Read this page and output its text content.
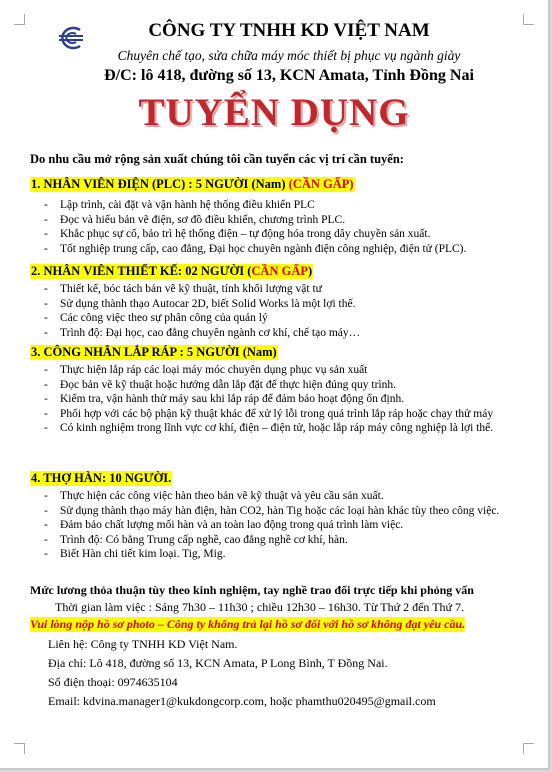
CÔNG TY TNHH KD VIỆT NAM
Chuyên chế tạo, sửa chữa máy móc thiết bị phục vụ ngành giày
Đ/C: lô 418, đường số 13, KCN Amata, Tỉnh Đồng Nai
TUYỂN DỤNG
Do nhu cầu mở rộng sản xuất chúng tôi cần tuyển các vị trí cần tuyển:
1. NHÂN VIÊN ĐIỆN (PLC) : 5 NGƯỜI (Nam) (CẦN GẤP)
- Lập trình, cài đặt và vận hành hệ thống điều khiển PLC
- Đọc và hiểu bản vẽ điện, sơ đồ điều khiển, chương trình PLC.
- Khắc phục sự cố, bảo trì hệ thống điện – tự động hóa trong dây chuyền sản xuất.
- Tốt nghiệp trung cấp, cao đẳng, Đại học chuyên ngành điện công nghiệp, điện tử (PLC).
2. NHÂN VIÊN THIẾT KẾ: 02 NGƯỜI (CẦN GẤP)
- Thiết kế, bóc tách bản vẽ kỹ thuật, tính khối lượng vật tư
- Sử dụng thành thạo Autocar 2D, biết Solid Works là một lợi thế.
- Các công việc theo sự phân công của quản lý
- Trình độ: Đại học, cao đẳng chuyên ngành cơ khí, chế tạo máy…
3. CÔNG NHÂN LẮP RÁP : 5 NGƯỜI (Nam)
- Thực hiện lắp ráp các loại máy móc chuyên dụng phục vụ sản xuất
- Đọc bản vẽ kỹ thuật hoặc hướng dẫn lắp đặt để thực hiện đúng quy trình.
- Kiểm tra, vận hành thử máy sau khi lắp ráp để đảm bảo hoạt động ổn định.
- Phối hợp với các bộ phận kỹ thuật khác để xử lý lỗi trong quá trình lắp ráp hoặc chạy thử máy
- Có kinh nghiệm trong lĩnh vực cơ khí, điện – điện tử, hoặc lắp ráp máy công nghiệp là lợi thế.
4. THỢ HÀN: 10 NGƯỜI.
- Thực hiện các công việc hàn theo bản vẽ kỹ thuật và yêu cầu sản xuất.
- Sử dụng thành thạo máy hàn điện, hàn CO2, hàn Tig hoặc các loại hàn khác tùy theo công việc.
- Đảm bảo chất lượng mối hàn và an toàn lao động trong quá trình làm việc.
- Trình độ: Có bằng Trung cấp nghề, cao đẳng nghề cơ khí, hàn.
- Biết Hàn chi tiết kim loại. Tig, Mig.
Mức lương thỏa thuận tùy theo kinh nghiệm, tay nghề trao đổi trực tiếp khi phỏng vấn
Thời gian làm việc : Sáng 7h30 – 11h30 ; chiều 12h30 – 16h30. Từ Thứ 2 đến Thứ 7.
Vui lòng nộp hồ sơ photo – Công ty không trả lại hồ sơ đối với hồ sơ không đạt yêu cầu.
Liên hệ: Công ty TNHH KD Việt Nam.
Địa chỉ: Lô 418, đường số 13, KCN Amata, P Long Bình, T Đồng Nai.
Số điện thoại: 0974635104
Email: kdvina.manager1@kukdongcorp.com, hoặc phamthu020495@gmail.com
